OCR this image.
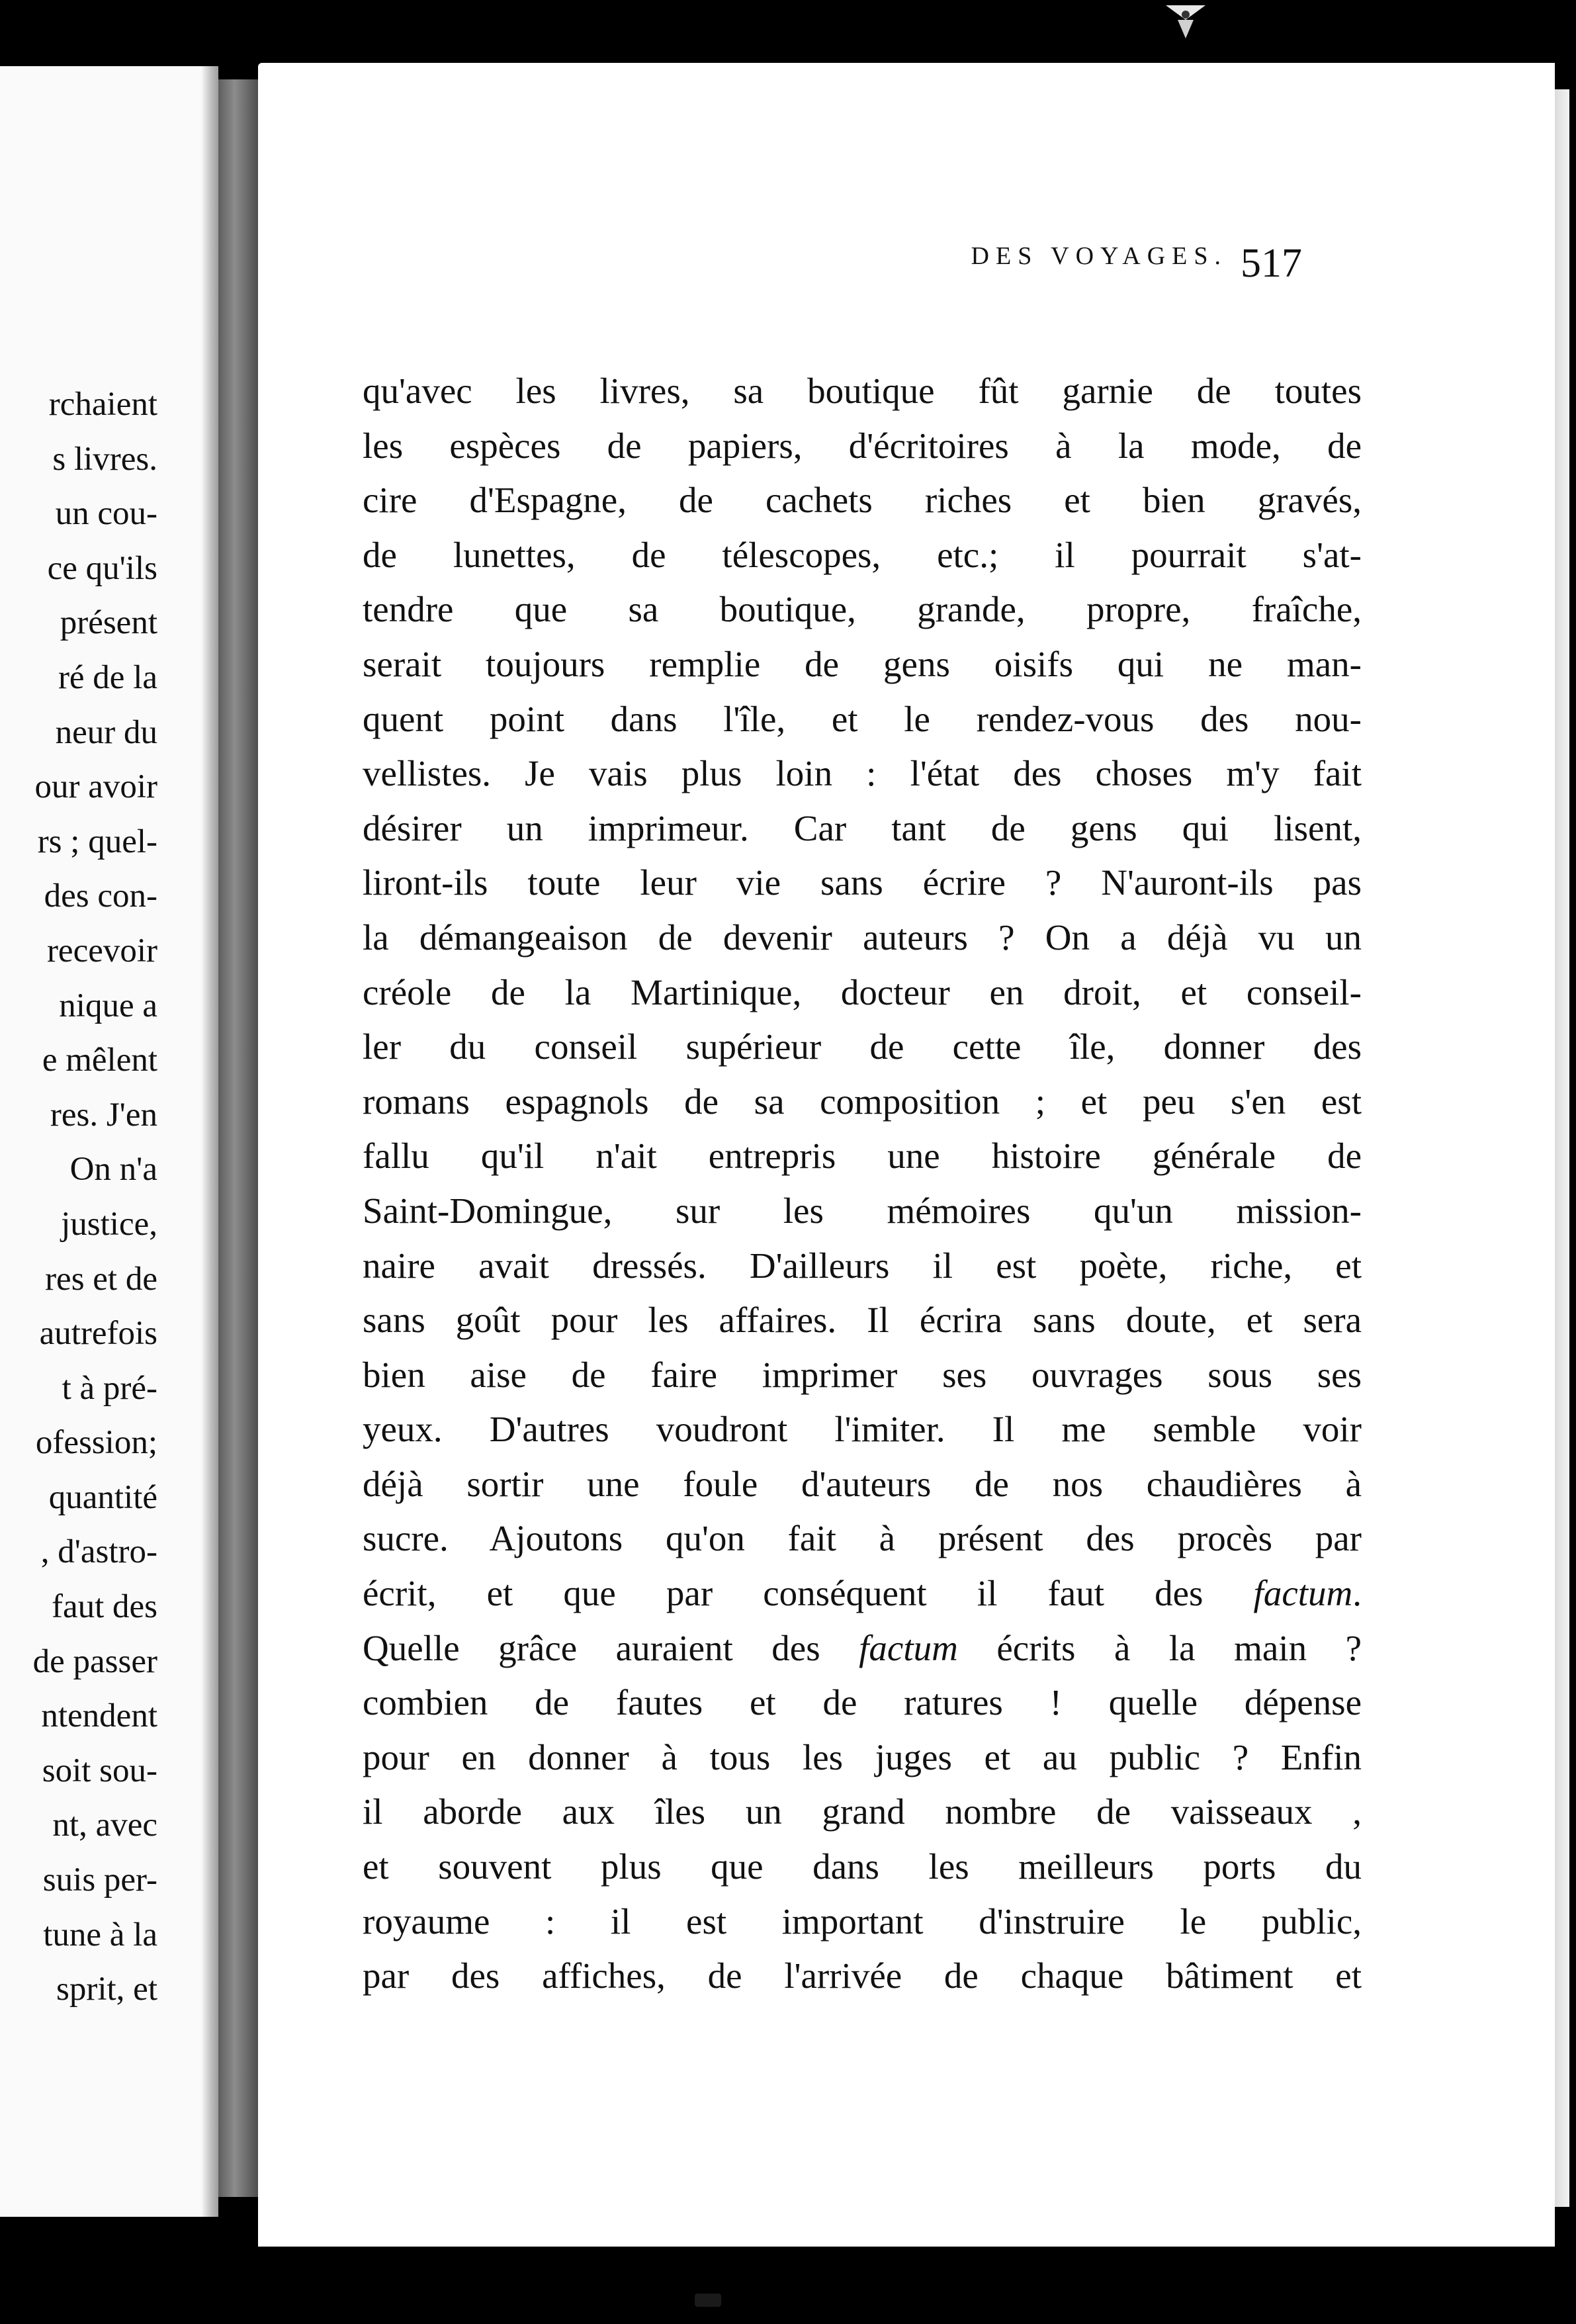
rchaient
s livres.
un cou-
ce qu'ils
présent
ré de la
neur du
our avoir
rs ; quel-
des con-
recevoir
nique a
e mêlent
res. J'en
On n'a
justice,
res et de
autrefois
t à pré-
ofession;
quantité
, d'astro-
faut des
de passer
ntendent
soit sou-
nt, avec
suis per-
tune à la
sprit, et
DES VOYAGES. 517
qu'avec les livres, sa boutique fût garnie de toutes
les espèces de papiers, d'écritoires à la mode, de
cire d'Espagne, de cachets riches et bien gravés,
de lunettes, de télescopes, etc.; il pourrait s'at-
tendre que sa boutique, grande, propre, fraîche,
serait toujours remplie de gens oisifs qui ne man-
quent point dans l'île, et le rendez-vous des nou-
vellistes. Je vais plus loin : l'état des choses m'y fait
désirer un imprimeur. Car tant de gens qui lisent,
liront-ils toute leur vie sans écrire ? N'auront-ils pas
la démangeaison de devenir auteurs ? On a déjà vu un
créole de la Martinique, docteur en droit, et conseil-
ler du conseil supérieur de cette île, donner des
romans espagnols de sa composition ; et peu s'en est
fallu qu'il n'ait entrepris une histoire générale de
Saint-Domingue, sur les mémoires qu'un mission-
naire avait dressés. D'ailleurs il est poète, riche, et
sans goût pour les affaires. Il écrira sans doute, et sera
bien aise de faire imprimer ses ouvrages sous ses
yeux. D'autres voudront l'imiter. Il me semble voir
déjà sortir une foule d'auteurs de nos chaudières à
sucre. Ajoutons qu'on fait à présent des procès par
écrit, et que par conséquent il faut des factum.
Quelle grâce auraient des factum écrits à la main ?
combien de fautes et de ratures ! quelle dépense
pour en donner à tous les juges et au public ? Enfin
il aborde aux îles un grand nombre de vaisseaux ,
et souvent plus que dans les meilleurs ports du
royaume : il est important d'instruire le public,
par des affiches, de l'arrivée de chaque bâtiment et
